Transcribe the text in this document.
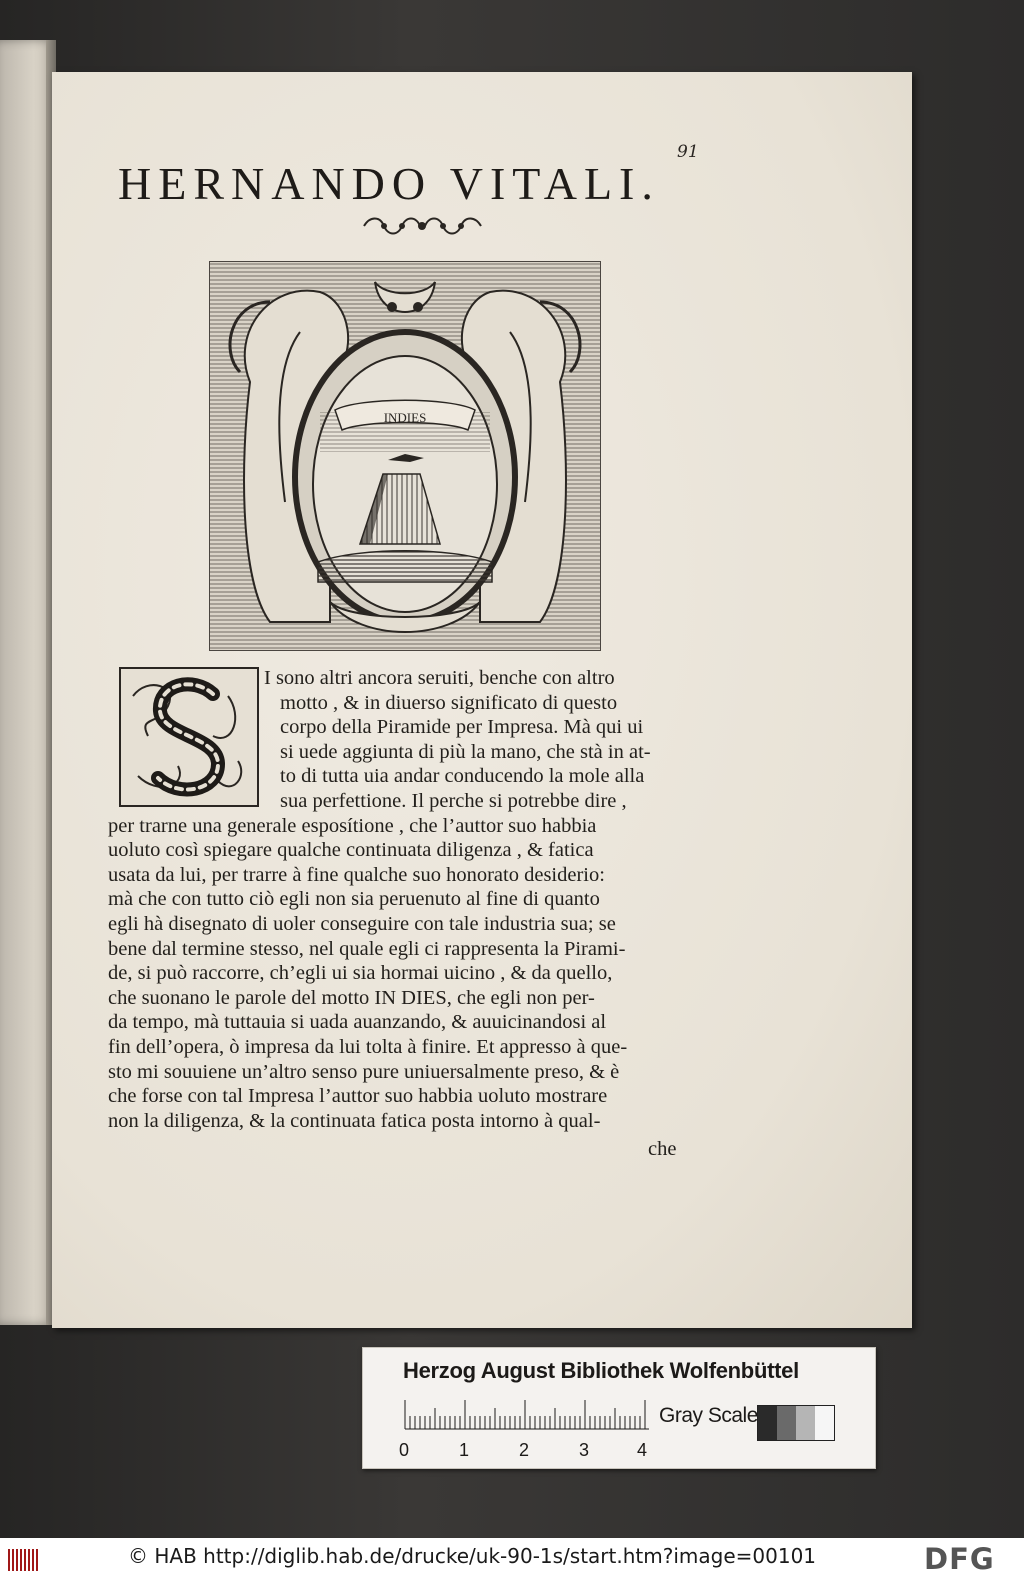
91
HERNANDO VITALI.
INDIES
I sono altri ancora seruiti, benche con altro
motto , & in diuerso significato di questo
corpo della Piramide per Impresa. Mà qui ui
si uede aggiunta di più la mano, che stà in at-
to di tutta uia andar conducendo la mole alla
sua perfettione. Il perche si potrebbe dire ,
per trarne una generale esposítione , che l’auttor suo habbia
uoluto così spiegare qualche continuata diligenza , & fatica
usata da lui, per trarre à fine qualche suo honorato desiderio:
mà che con tutto ciò egli non sia peruenuto al fine di quanto
egli hà disegnato di uoler conseguire con tale industria sua; se
bene dal termine stesso, nel quale egli ci rappresenta la Pirami-
de, si può raccorre, ch’egli ui sia hormai uicino , & da quello,
che suonano le parole del motto IN DIES, che egli non per-
da tempo, mà tuttauia si uada auanzando, & auuicinandosi al
fin dell’opera, ò impresa da lui tolta à finire. Et appresso à que-
sto mi souuiene un’altro senso pure uniuersalmente preso, & è
che forse con tal Impresa l’auttor suo habbia uoluto mostrare
non la diligenza, & la continuata fatica posta intorno à qual-
che
Herzog August Bibliothek Wolfenbüttel
0	1	2	3	4
Gray Scale
© HAB http://diglib.hab.de/drucke/uk-90-1s/start.htm?image=00101	DFG
